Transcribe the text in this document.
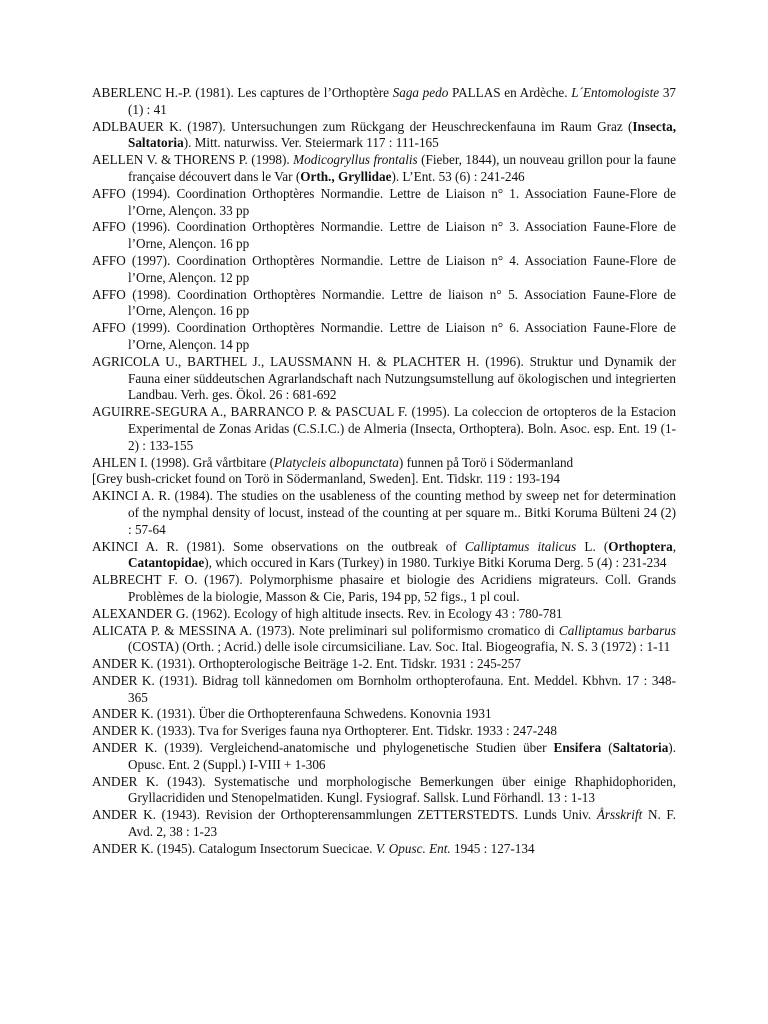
ABERLENC H.-P. (1981). Les captures de l’Orthoptère Saga pedo PALLAS en Ardèche. L´Entomologiste 37 (1) : 41

ADLBAUER K. (1987). Untersuchungen zum Rückgang der Heuschreckenfauna im Raum Graz (Insecta, Saltatoria). Mitt. naturwiss. Ver. Steiermark 117 : 111-165

AELLEN V. & THORENS P. (1998). Modicogryllus frontalis (Fieber, 1844), un nouveau grillon pour la faune française découvert dans le Var (Orth., Gryllidae). L’Ent. 53 (6) : 241-246

AFFO (1994). Coordination Orthoptères Normandie. Lettre de Liaison n° 1. Association Faune-Flore de l’Orne, Alençon. 33 pp

AFFO (1996). Coordination Orthoptères Normandie. Lettre de Liaison n° 3. Association Faune-Flore de l’Orne, Alençon. 16 pp

AFFO (1997). Coordination Orthoptères Normandie. Lettre de Liaison n° 4. Association Faune-Flore de l’Orne, Alençon. 12 pp

AFFO (1998). Coordination Orthoptères Normandie. Lettre de liaison n° 5. Association Faune-Flore de l’Orne, Alençon. 16 pp

AFFO (1999). Coordination Orthoptères Normandie. Lettre de Liaison n° 6. Association Faune-Flore de l’Orne, Alençon. 14 pp

AGRICOLA U., BARTHEL J., LAUSSMANN H. & PLACHTER H. (1996). Struktur und Dynamik der Fauna einer süddeutschen Agrarlandschaft nach Nutzungsumstellung auf ökologischen und integrierten Landbau. Verh. ges. Ökol. 26 : 681-692

AGUIRRE-SEGURA A., BARRANCO P. & PASCUAL F. (1995). La coleccion de ortopteros de la Estacion Experimental de Zonas Aridas (C.S.I.C.) de Almeria (Insecta, Orthoptera). Boln. Asoc. esp. Ent. 19 (1-2) : 133-155

AHLEN I. (1998). Grå vårtbitare (Platycleis albopunctata) funnen på Torö i Södermanland

[Grey bush-cricket found on Torö in Södermanland, Sweden]. Ent. Tidskr. 119 : 193-194

AKINCI A. R. (1984). The studies on the usableness of the counting method by sweep net for determination of the nymphal density of locust, instead of the counting at per square m.. Bitki Koruma Bülteni 24 (2) : 57-64

AKINCI A. R. (1981). Some observations on the outbreak of Calliptamus italicus L. (Orthoptera, Catantopidae), which occured in Kars (Turkey) in 1980. Turkiye Bitki Koruma Derg. 5 (4) : 231-234

ALBRECHT F. O. (1967). Polymorphisme phasaire et biologie des Acridiens migrateurs. Coll. Grands Problèmes de la biologie, Masson & Cie, Paris, 194 pp, 52 figs., 1 pl coul.

ALEXANDER G. (1962). Ecology of high altitude insects. Rev. in Ecology 43 : 780-781

ALICATA P. & MESSINA A. (1973). Note preliminari sul poliformismo cromatico di Calliptamus barbarus (COSTA) (Orth. ; Acrid.) delle isole circumsiciliane. Lav. Soc. Ital. Biogeografia, N. S. 3 (1972) : 1-11

ANDER K. (1931). Orthopterologische Beiträge 1-2. Ent. Tidskr. 1931 : 245-257

ANDER K. (1931). Bidrag toll kännedomen om Bornholm orthopterofauna. Ent. Meddel. Kbhvn. 17 : 348-365

ANDER K. (1931). Über die Orthopterenfauna Schwedens. Konovnia 1931

ANDER K. (1933). Tva for Sveriges fauna nya Orthopterer. Ent. Tidskr. 1933 : 247-248

ANDER K. (1939). Vergleichend-anatomische und phylogenetische Studien über Ensifera (Saltatoria). Opusc. Ent. 2 (Suppl.) I-VIII + 1-306

ANDER K. (1943). Systematische und morphologische Bemerkungen über einige Rhaphidophoriden, Gryllacrididen und Stenopelmatiden. Kungl. Fysiograf. Sallsk. Lund Förhandl. 13 : 1-13

ANDER K. (1943). Revision der Orthopterensammlungen ZETTERSTEDTS. Lunds Univ. Årsskrift N. F. Avd. 2, 38 : 1-23

ANDER K. (1945). Catalogum Insectorum Suecicae. V. Opusc. Ent. 1945 : 127-134
